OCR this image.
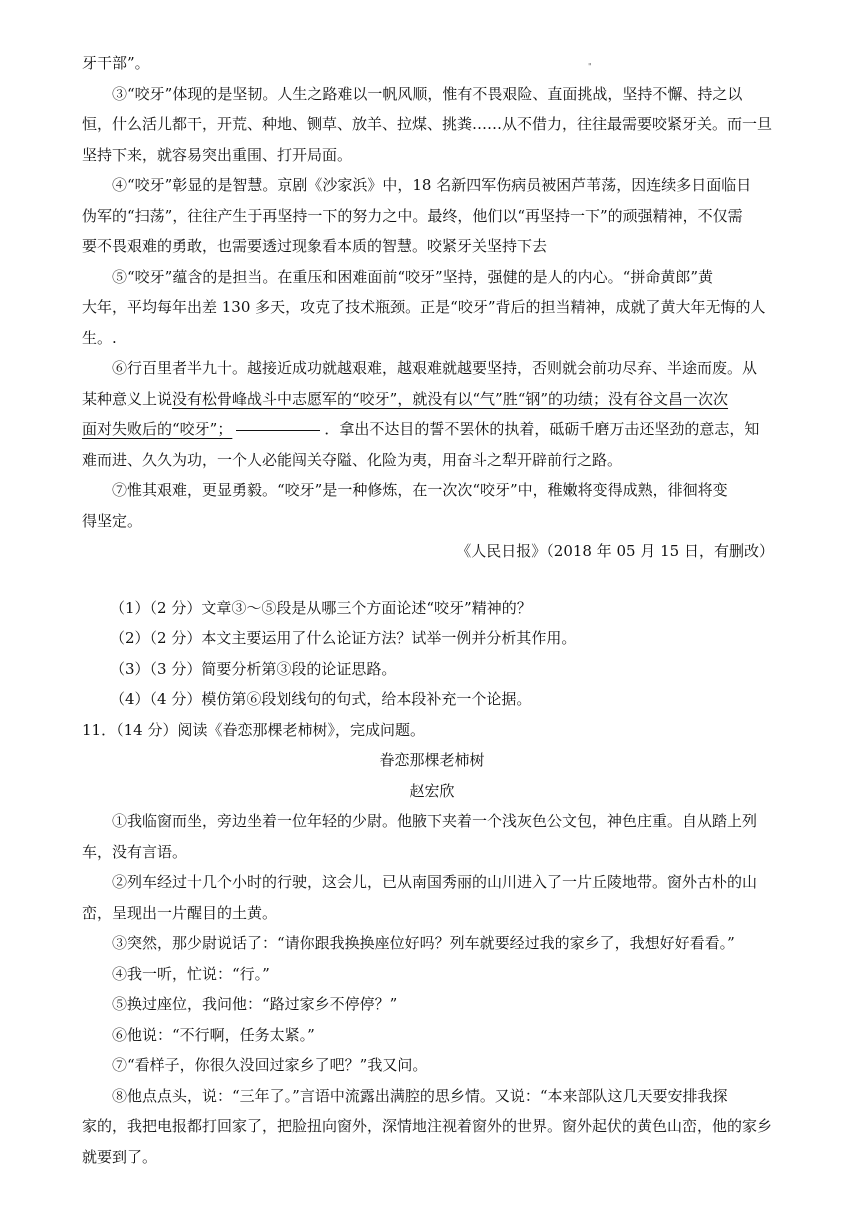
"

牙干部”。

③“咬牙”体现的是坚韧。人生之路难以一帆风顺，惟有不畏艰险、直面挑战，坚持不懈、持之以

恒，什么活儿都干，开荒、种地、铡草、放羊、拉煤、挑粪……从不借力，往往最需要咬紧牙关。而一旦

坚持下来，就容易突出重围、打开局面。

④“咬牙”彰显的是智慧。京剧《沙家浜》中，18 名新四军伤病员被困芦苇荡，因连续多日面临日

伪军的“扫荡”，往往产生于再坚持一下的努力之中。最终，他们以“再坚持一下”的顽强精神，不仅需

要不畏艰难的勇敢，也需要透过现象看本质的智慧。咬紧牙关坚持下去

⑤“咬牙”蕴含的是担当。在重压和困难面前“咬牙”坚持，强健的是人的内心。“拼命黄郎”黄

大年，平均每年出差 130 多天，攻克了技术瓶颈。正是“咬牙”背后的担当精神，成就了黄大年无悔的人

生。.

⑥行百里者半九十。越接近成功就越艰难，越艰难就越要坚持，否则就会前功尽弃、半途而废。从

某种意义上说没有松骨峰战斗中志愿军的“咬牙”，就没有以“气”胜“钢”的功绩；没有谷文昌一次次

面对失败后的“咬牙”；	．拿出不达目的誓不罢休的执着，砥砺千磨万击还坚劲的意志，知

难而进、久久为功，一个人必能闯关夺隘、化险为夷，用奋斗之犁开辟前行之路。

⑦惟其艰难，更显勇毅。“咬牙”是一种修炼，在一次次“咬牙”中，稚嫩将变得成熟，徘徊将变

得坚定。

《人民日报》（2018 年 05 月 15 日，有删改）

（1）（2 分）文章③～⑤段是从哪三个方面论述“咬牙”精神的？

（2）（2 分）本文主要运用了什么论证方法？试举一例并分析其作用。

（3）（3 分）简要分析第③段的论证思路。

（4）（4 分）模仿第⑥段划线句的句式，给本段补充一个论据。

11．（14 分）阅读《眷恋那棵老柿树》，完成问题。

眷恋那棵老柿树

赵宏欣

①我临窗而坐，旁边坐着一位年轻的少尉。他腋下夹着一个浅灰色公文包，神色庄重。自从踏上列

车，没有言语。

②列车经过十几个小时的行驶，这会儿，已从南国秀丽的山川进入了一片丘陵地带。窗外古朴的山

峦，呈现出一片醒目的土黄。

③突然，那少尉说话了：“请你跟我换换座位好吗？列车就要经过我的家乡了，我想好好看看。”

④我一听，忙说：“行。”

⑤换过座位，我问他：“路过家乡不停停？”

⑥他说：“不行啊，任务太紧。”

⑦“看样子，你很久没回过家乡了吧？”我又问。

⑧他点点头，说：“三年了。”言语中流露出满腔的思乡情。又说：“本来部队这几天要安排我探

家的，我把电报都打回家了，把脸扭向窗外，深情地注视着窗外的世界。窗外起伏的黄色山峦，他的家乡

就要到了。
